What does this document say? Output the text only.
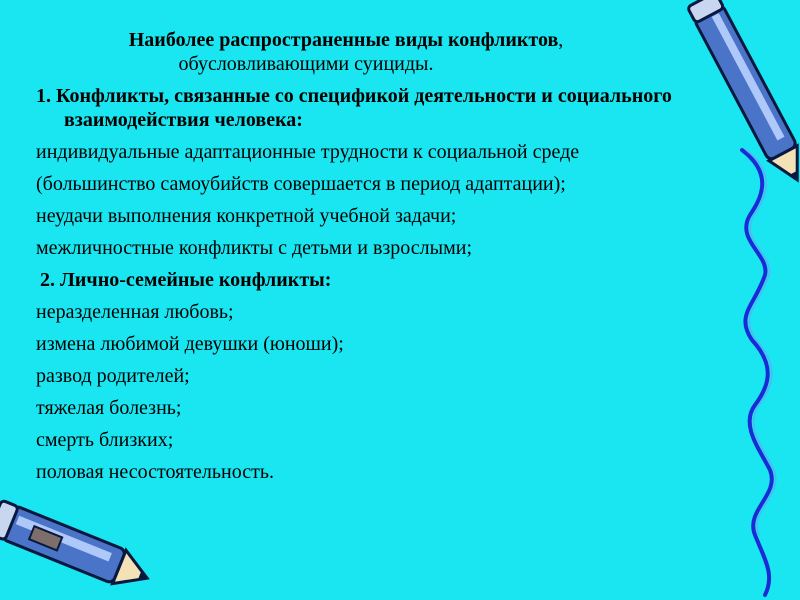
Наиболее распространенные виды конфликтов,
обусловливающими суициды.
1. Конфликты, связанные со спецификой деятельности и социального взаимодействия человека:
индивидуальные адаптационные трудности к социальной среде
(большинство самоубийств совершается в период адаптации);
неудачи выполнения конкретной учебной задачи;
межличностные конфликты с детьми и взрослыми;
2. Лично-семейные конфликты:
неразделенная любовь;
измена любимой девушки (юноши);
развод родителей;
тяжелая болезнь;
смерть близких;
половая несостоятельность.
